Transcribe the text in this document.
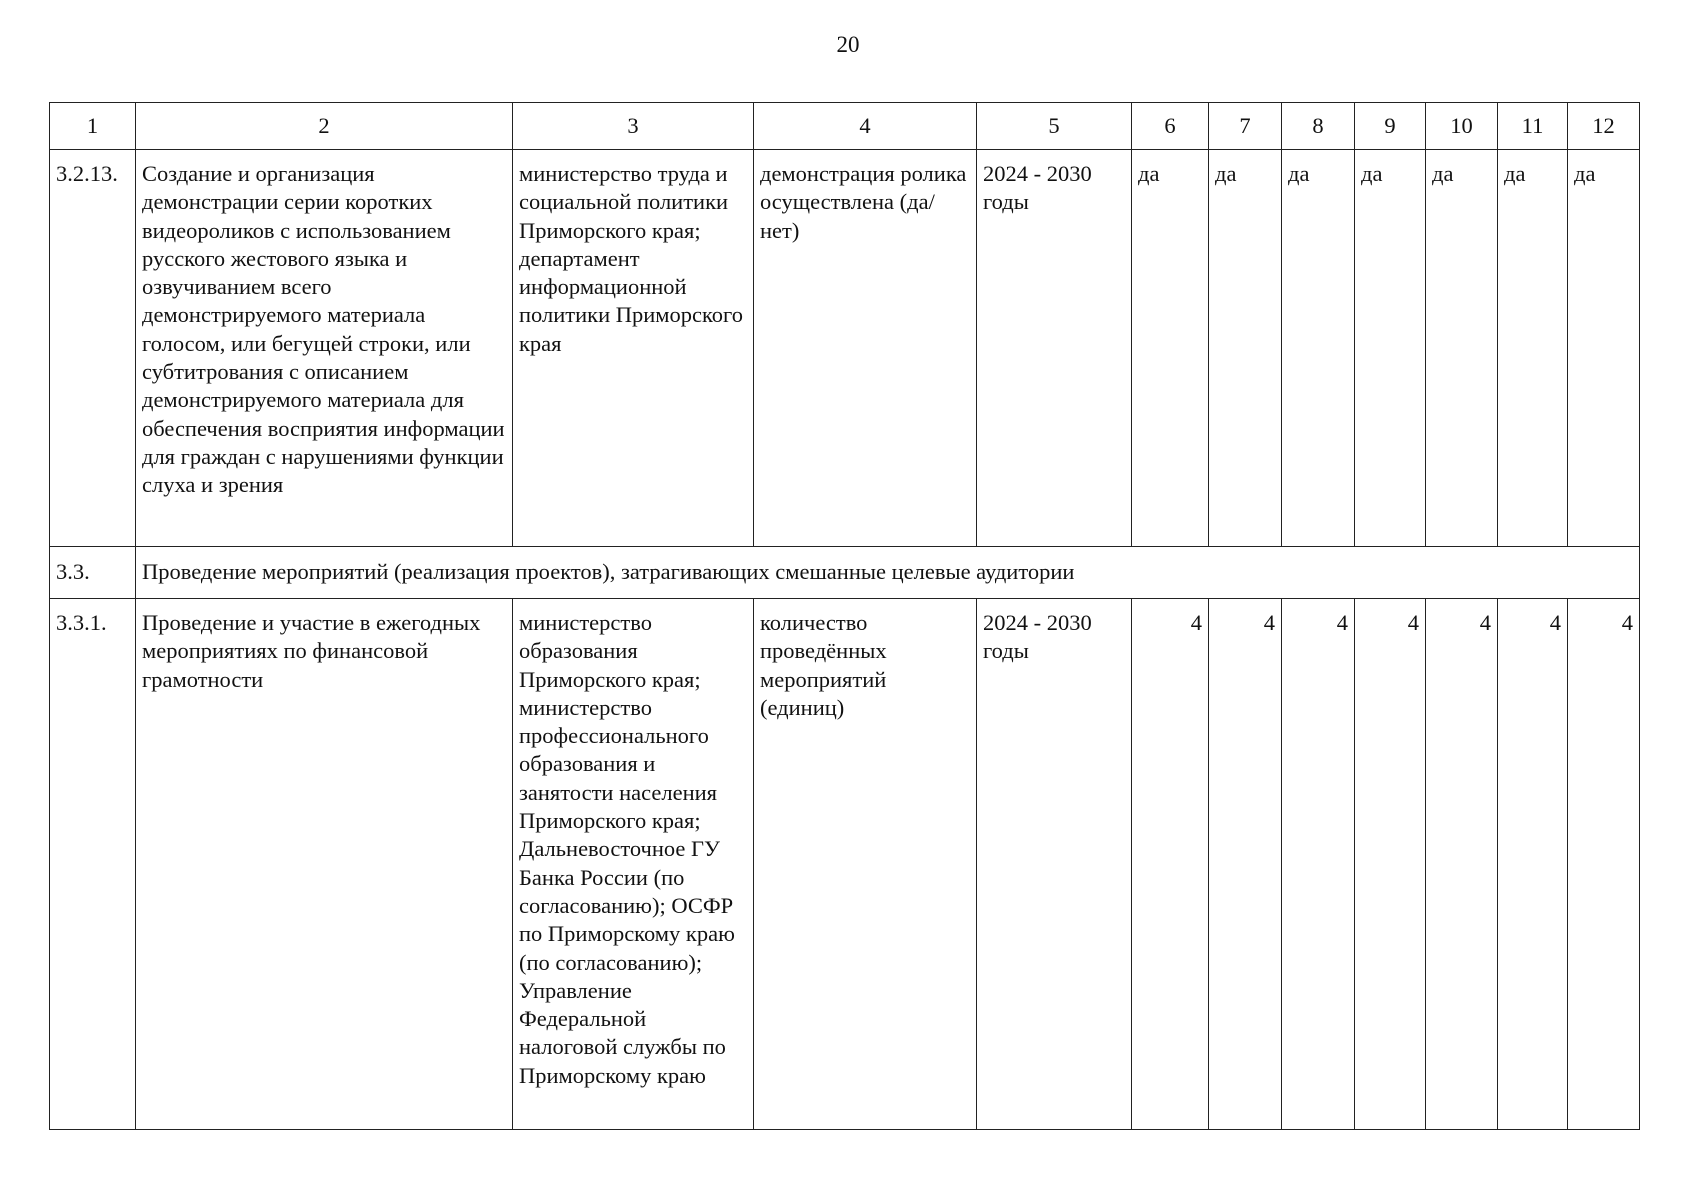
20
1	2	3	4	5	6	7	8	9	10	11	12
3.2.13.	Создание и организация демонстрации серии коротких видеороликов с использованием русского жестового языка и озвучиванием всего демонстрируемого материала голосом, или бегущей строки, или субтитрования с описанием демонстрируемого материала для обеспечения восприятия информации для граждан с нарушениями функции слуха и зрения	министерство труда и социальной политики Приморского края; департамент информационной политики Приморского края	демонстрация ролика осуществлена (да/нет)	2024 - 2030 годы	да	да	да	да	да	да	да
3.3.	Проведение мероприятий (реализация проектов), затрагивающих смешанные целевые аудитории										
3.3.1.	Проведение и участие в ежегодных мероприятиях по финансовой грамотности	министерство образования Приморского края; министерство профессионального образования и занятости населения Приморского края; Дальневосточное ГУ Банка России (по согласованию); ОСФР по Приморскому краю (по согласованию); Управление Федеральной налоговой службы по Приморскому краю	количество проведённых мероприятий (единиц)	2024 - 2030 годы	4	4	4	4	4	4	4
